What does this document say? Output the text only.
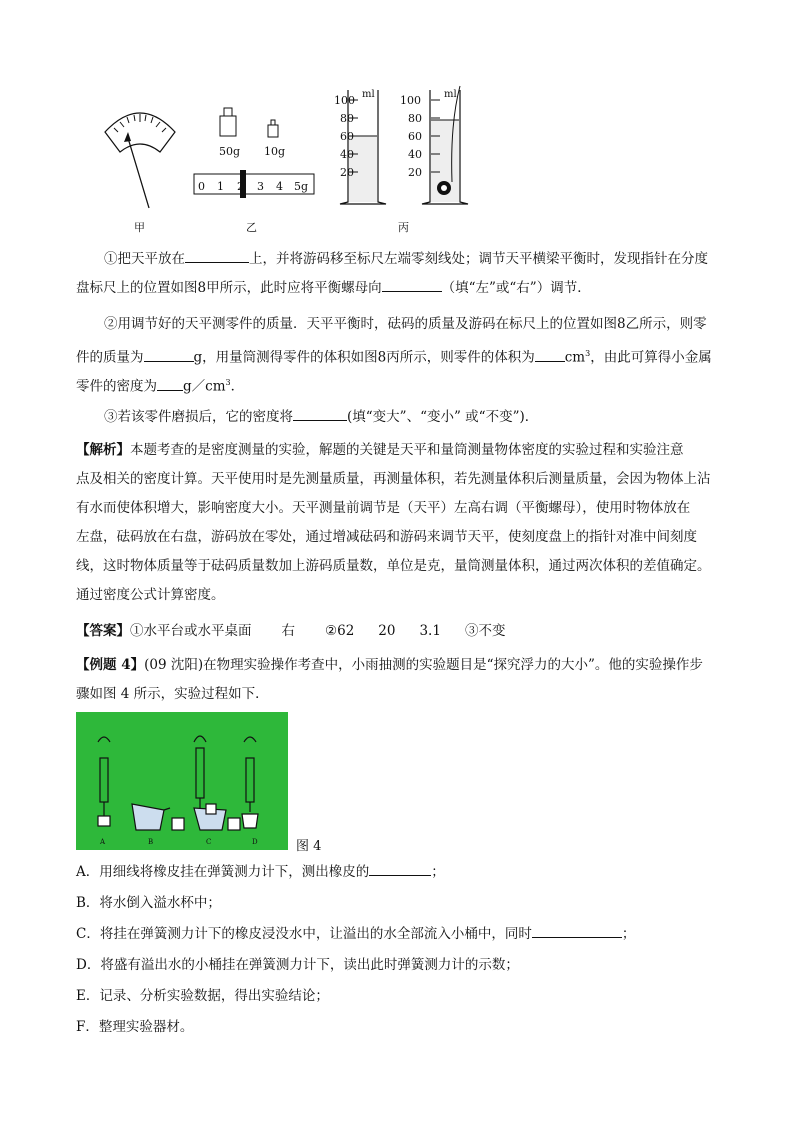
甲
50g 10g
0 1 2 3 4 5g
乙
100
80
60
40
20
ml 100
80
60
40
20
ml
丙
①把天平放在	上，并将游码移至标尺左端零刻线处；调节天平横梁平衡时，发现指针在分度
盘标尺上的位置如图8甲所示，此时应将平衡螺母向	（填“左”或“右”）调节．
②用调节好的天平测零件的质量．天平平衡时，砝码的质量及游码在标尺上的位置如图8乙所示，则零
件的质量为	g，用量筒测得零件的体积如图8丙所示，则零件的体积为 $cm^3$，由此可算得小金属
零件的密度为 $g/cm^3$．
③若该零件磨损后，它的密度将	(填“变大”、“变小” 或“不变”)．
【解析】本题考查的是密度测量的实验，解题的关键是天平和量筒测量物体密度的实验过程和实验注意
点及相关的密度计算。天平使用时是先测量质量，再测量体积，若先测量体积后测量质量，会因为物体上沾
有水而使体积增大，影响密度大小。天平测量前调节是（天平）左高右调（平衡螺母），使用时物体放在
左盘，砝码放在右盘，游码放在零处，通过增减砝码和游码来调节天平，使刻度盘上的指针对准中间刻度
线，这时物体质量等于砝码质量数加上游码质量数，单位是克，量筒测量体积，通过两次体积的差值确定。
通过密度公式计算密度。
【答案】①水平台或水平桌面 右 ②62 20 3.1 ③不变
【例题 4】(09 沈阳)在物理实验操作考查中，小雨抽测的实验题目是“探究浮力的大小”。他的实验操作步
骤如图 4 所示，实验过程如下．
A	B	C	D	图 4
A．用细线将橡皮挂在弹簧测力计下，测出橡皮的	；
B．将水倒入溢水杯中；
C．将挂在弹簧测力计下的橡皮浸没水中，让溢出的水全部流入小桶中，同时	；
D．将盛有溢出水的小桶挂在弹簧测力计下，读出此时弹簧测力计的示数；
E．记录、分析实验数据，得出实验结论；
F．整理实验器材。
